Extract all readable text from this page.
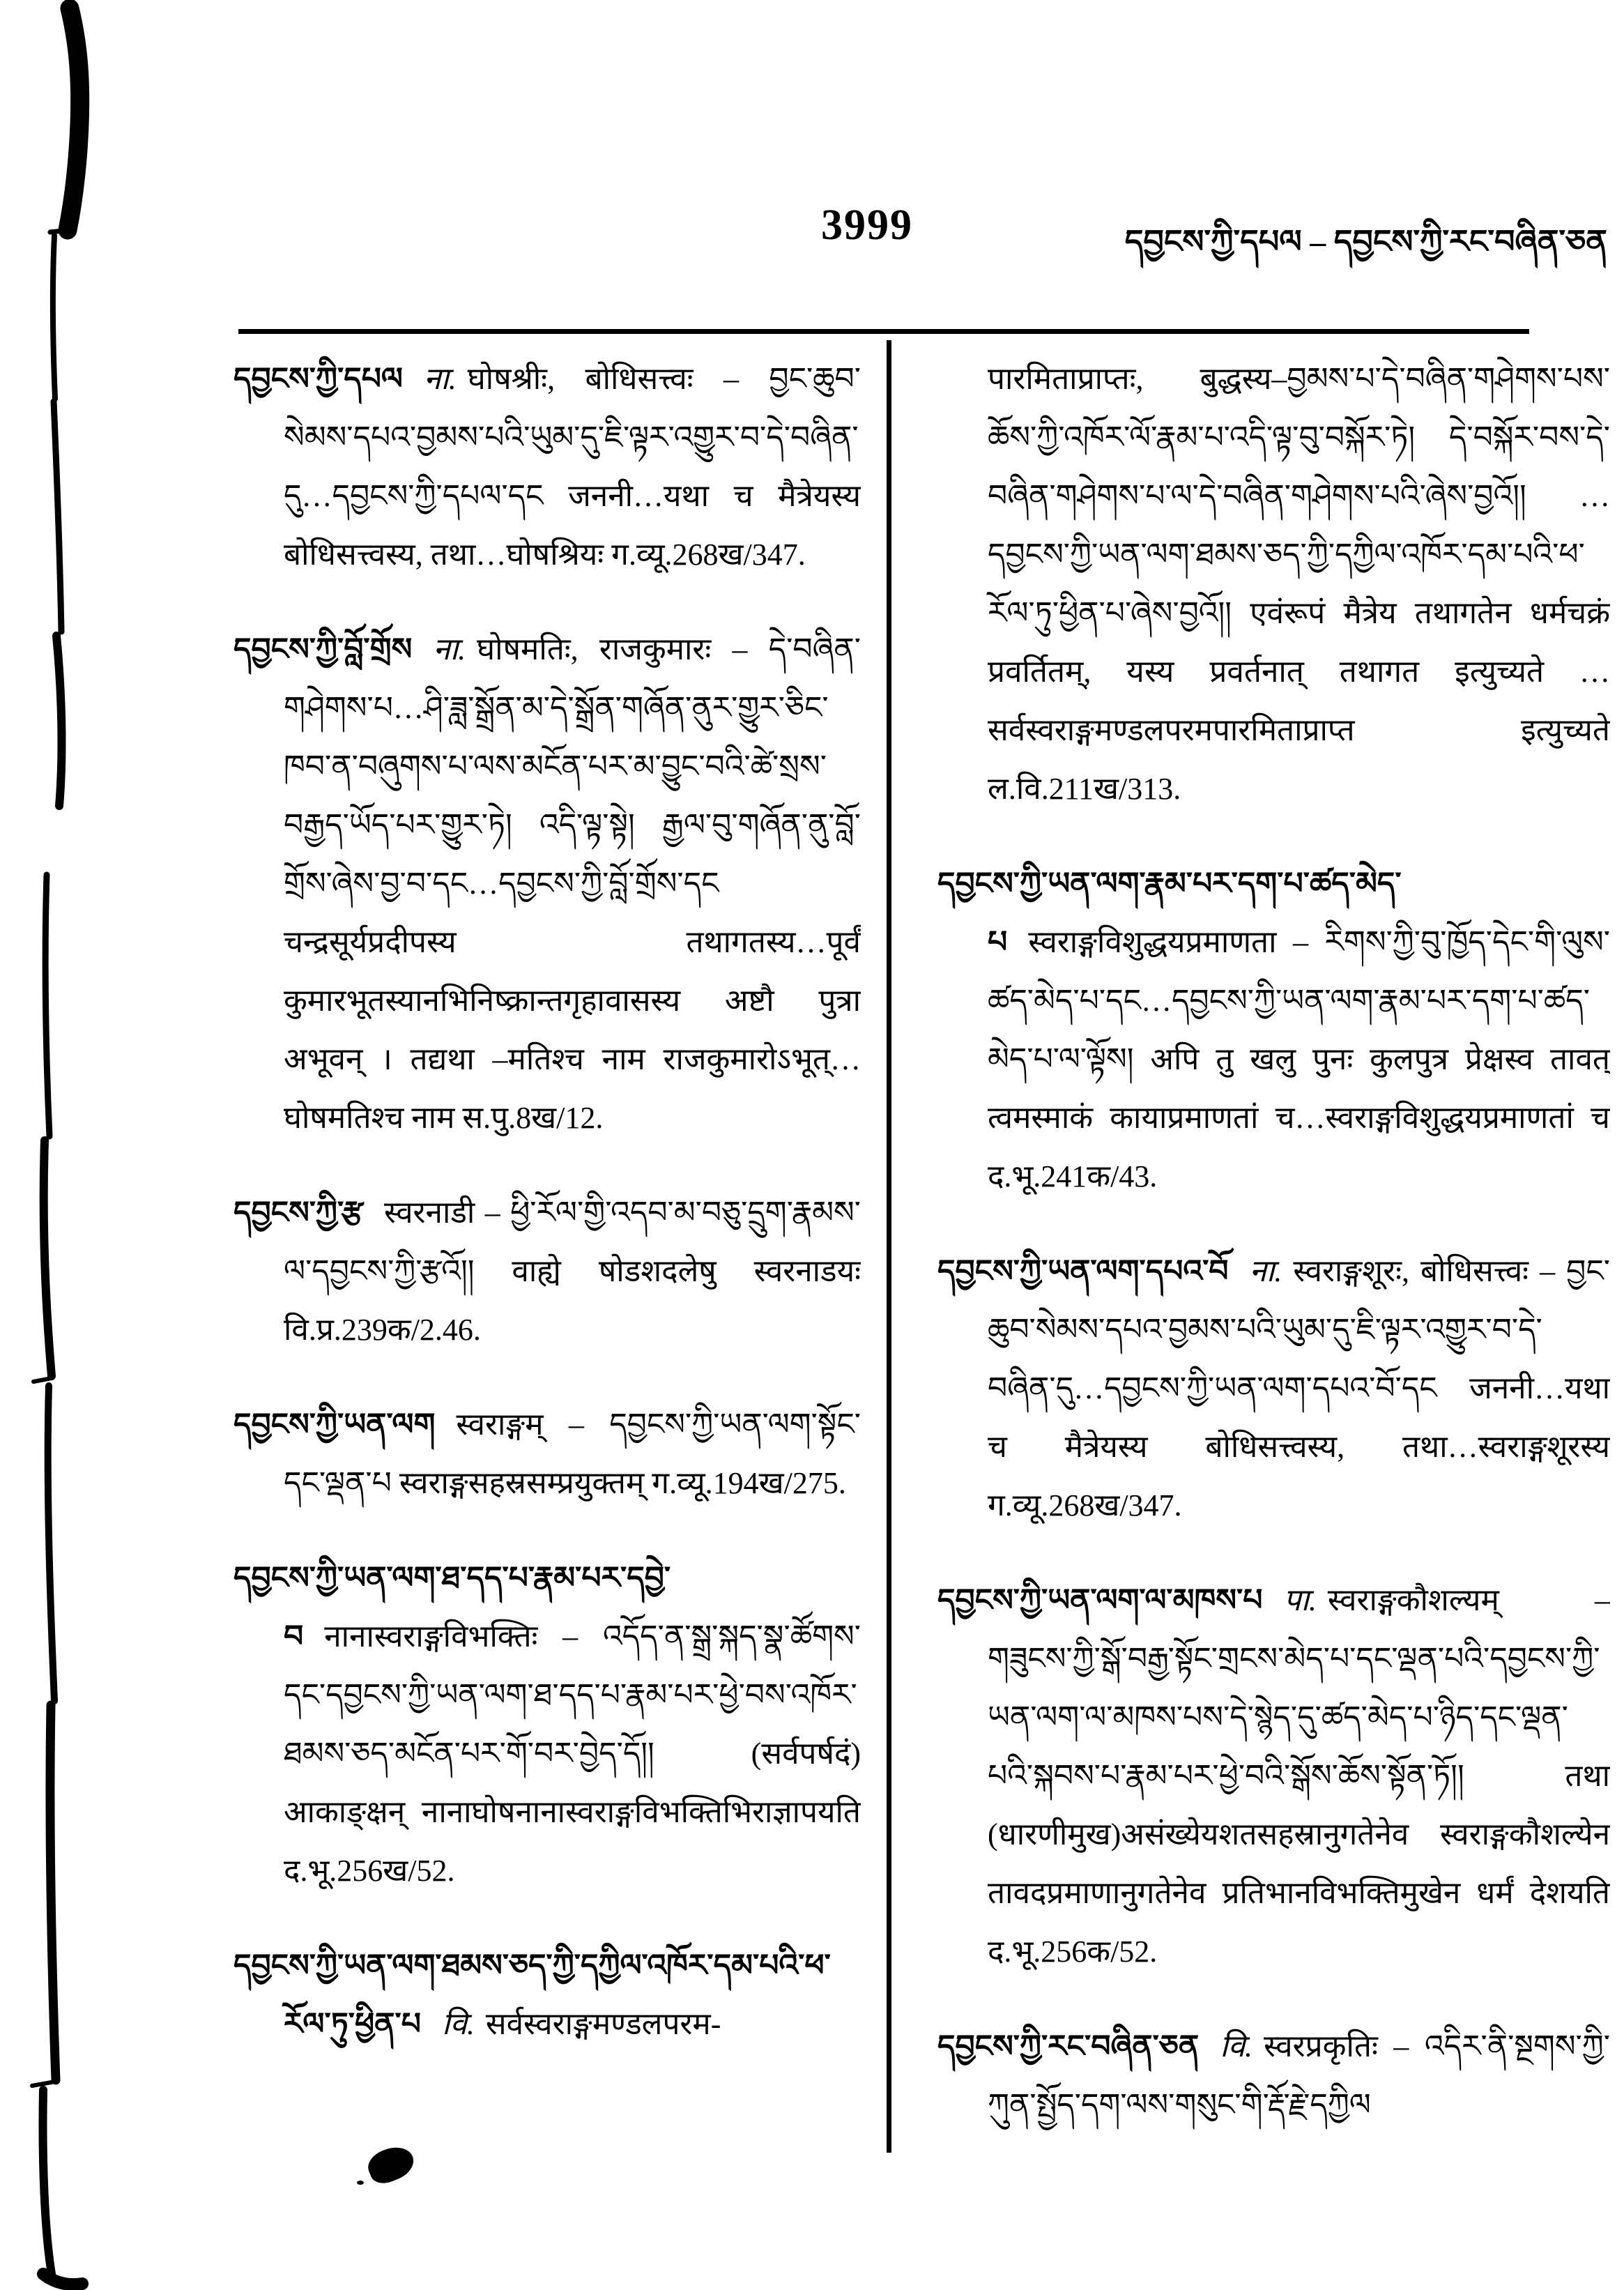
3999	དབྱངས་ཀྱི་དཔལ – དབྱངས་ཀྱི་རང་བཞིན་ཅན

དབྱངས་ཀྱི་དཔལ ना. घोषश्रीः, बोधिसत्त्वः – བྱང་ཆུབ་སེམས་དཔའ་བྱམས་པའི་ཡུམ་དུ་ཇི་ལྟར་འགྱུར་བ་དེ་བཞིན་དུ…དབྱངས་ཀྱི་དཔལ་དང जननी…यथा च मैत्रेयस्य बोधिसत्त्वस्य, तथा…घोषश्रियः ग.व्यू.268ख/347.

དབྱངས་ཀྱི་བློ་གྲོས ना. घोषमतिः, राजकुमारः – དེ་བཞིན་གཤེགས་པ…ཤི་ཟླ་སྒྲོན་མ་དེ་སྒྲོན་གཞོན་ནུར་གྱུར་ཅིང་ཁབ་ན་བཞུགས་པ་ལས་མངོན་པར་མ་བྱུང་བའི་ཚེ་སྲས་བརྒྱད་ཡོད་པར་གྱུར་ཏེ། འདི་ལྟ་སྟེ། རྒྱལ་བུ་གཞོན་ནུ་བློ་གྲོས་ཞེས་བྱ་བ་དང…དབྱངས་ཀྱི་བློ་གྲོས་དང चन्द्रसूर्यप्रदीपस्य तथागतस्य…पूर्वं कुमारभूतस्यानभिनिष्क्रान्तगृहावासस्य अष्टौ पुत्रा अभूवन् । तद्यथा –मतिश्च नाम राजकुमारोऽभूत्…घोषमतिश्च नाम स.पु.8ख/12.

དབྱངས་ཀྱི་རྩ स्वरनाडी – ཕྱི་རོལ་གྱི་འདབ་མ་བཅུ་དྲུག་རྣམས་ལ་དབྱངས་ཀྱི་རྩའོ།། वाह्ये षोडशदलेषु स्वरनाडयः वि.प्र.239क/2.46.

དབྱངས་ཀྱི་ཡན་ལག स्वराङ्गम् – དབྱངས་ཀྱི་ཡན་ལག་སྟོང་དང་ལྡན་པ स्वराङ्गसहस्रसम्प्रयुक्तम् ग.व्यू.194ख/275.

དབྱངས་ཀྱི་ཡན་ལག་ཐ་དད་པ་རྣམ་པར་དབྱེ་བ नानास्वराङ्गविभक्तिः – འདོད་ན་སྒྲ་སྐད་སྣ་ཚོགས་དང་དབྱངས་ཀྱི་ཡན་ལག་ཐ་དད་པ་རྣམ་པར་ཕྱེ་བས་འཁོར་ཐམས་ཅད་མངོན་པར་གོ་བར་བྱེད་དོ།། (सर्वपर्षदं) आकाङ्क्षन् नानाघोषनानास्वराङ्गविभक्तिभिराज्ञापयति द.भू.256ख/52.

དབྱངས་ཀྱི་ཡན་ལག་ཐམས་ཅད་ཀྱི་དཀྱིལ་འཁོར་དམ་པའི་ཕ་རོལ་ཏུ་ཕྱིན་པ वि. सर्वस्वराङ्गमण्डलपरम-

पारमिताप्राप्तः, बुद्धस्य–བྱམས་པ་དེ་བཞིན་གཤེགས་པས་ཆོས་ཀྱི་འཁོར་ལོ་རྣམ་པ་འདི་ལྟ་བུ་བསྐོར་ཏེ། དེ་བསྐོར་བས་དེ་བཞིན་གཤེགས་པ་ལ་དེ་བཞིན་གཤེགས་པའི་ཞེས་བྱའོ།། …དབྱངས་ཀྱི་ཡན་ལག་ཐམས་ཅད་ཀྱི་དཀྱིལ་འཁོར་དམ་པའི་ཕ་རོལ་ཏུ་ཕྱིན་པ་ཞེས་བྱའོ།། एवंरूपं मैत्रेय तथागतेन धर्मचक्रं प्रवर्तितम्, यस्य प्रवर्तनात् तथागत इत्युच्यते …सर्वस्वराङ्गमण्डलपरमपारमिताप्राप्त इत्युच्यते ल.वि.211ख/313.

དབྱངས་ཀྱི་ཡན་ལག་རྣམ་པར་དག་པ་ཚད་མེད་པ स्वराङ्गविशुद्धयप्रमाणता – རིགས་ཀྱི་བུ་ཁྱོད་དེང་གི་ལུས་ཚད་མེད་པ་དང…དབྱངས་ཀྱི་ཡན་ལག་རྣམ་པར་དག་པ་ཚད་མེད་པ་ལ་ལྟོས། अपि तु खलु पुनः कुलपुत्र प्रेक्षस्व तावत् त्वमस्माकं कायाप्रमाणतां च…स्वराङ्गविशुद्धयप्रमाणतां च द.भू.241क/43.

དབྱངས་ཀྱི་ཡན་ལག་དཔའ་བོ ना. स्वराङ्गशूरः, बोधिसत्त्वः – བྱང་ཆུབ་སེམས་དཔའ་བྱམས་པའི་ཡུམ་དུ་ཇི་ལྟར་འགྱུར་བ་དེ་བཞིན་དུ…དབྱངས་ཀྱི་ཡན་ལག་དཔའ་བོ་དང जननी…यथा च मैत्रेयस्य बोधिसत्त्वस्य, तथा…स्वराङ्गशूरस्य ग.व्यू.268ख/347.

དབྱངས་ཀྱི་ཡན་ལག་ལ་མཁས་པ पा. स्वराङ्गकौशल्यम् – གཟུངས་ཀྱི་སྒོ་བརྒྱ་སྟོང་གྲངས་མེད་པ་དང་ལྡན་པའི་དབྱངས་ཀྱི་ཡན་ལག་ལ་མཁས་པས་དེ་སྙེད་དུ་ཚད་མེད་པ་ཉིད་དང་ལྡན་པའི་སྐབས་པ་རྣམ་པར་ཕྱེ་བའི་སྒོས་ཆོས་སྟོན་ཏོ།། तथा (धारणीमुख)असंख्येयशतसहस्रानुगतेनेव स्वराङ्गकौशल्येन तावदप्रमाणानुगतेनेव प्रतिभानविभक्तिमुखेन धर्मं देशयति द.भू.256क/52.

དབྱངས་ཀྱི་རང་བཞིན་ཅན वि. स्वरप्रकृतिः – འདིར་ནི་སྔགས་ཀྱི་ཀུན་སྤྱོད་དག་ལས་གསུང་གི་རྡོ་རྗེ་དཀྱིལ
